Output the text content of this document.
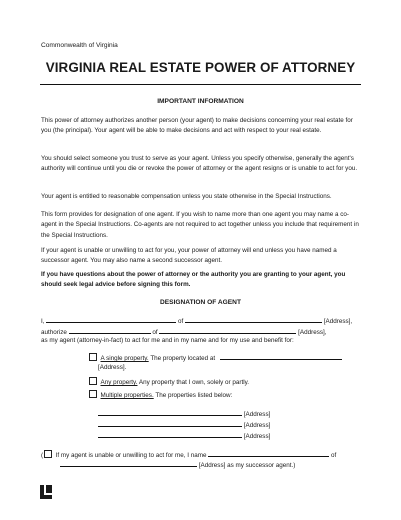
Commonwealth of Virginia
VIRGINIA REAL ESTATE POWER OF ATTORNEY
IMPORTANT INFORMATION
This power of attorney authorizes another person (your agent) to make decisions concerning your real estate for you (the principal). Your agent will be able to make decisions and act with respect to your real estate.
You should select someone you trust to serve as your agent. Unless you specify otherwise, generally the agent's authority will continue until you die or revoke the power of attorney or the agent resigns or is unable to act for you.
Your agent is entitled to reasonable compensation unless you state otherwise in the Special Instructions.
This form provides for designation of one agent. If you wish to name more than one agent you may name a co-agent in the Special Instructions. Co-agents are not required to act together unless you include that requirement in the Special Instructions.
If your agent is unable or unwilling to act for you, your power of attorney will end unless you have named a successor agent. You may also name a second successor agent.
If you have questions about the power of attorney or the authority you are granting to your agent, you should seek legal advice before signing this form.
DESIGNATION OF AGENT
I,	of	[Address],
authorize	of	[Address],
as my agent (attorney-in-fact) to act for me and in my name and for my use and benefit for:
A single property. The property located at
[Address].
Any property. Any property that I own, solely or partly.
Multiple properties. The properties listed below:
[Address]
[Address]
[Address]
( If my agent is unable or unwilling to act for me, I name	of
[Address] as my successor agent.)
